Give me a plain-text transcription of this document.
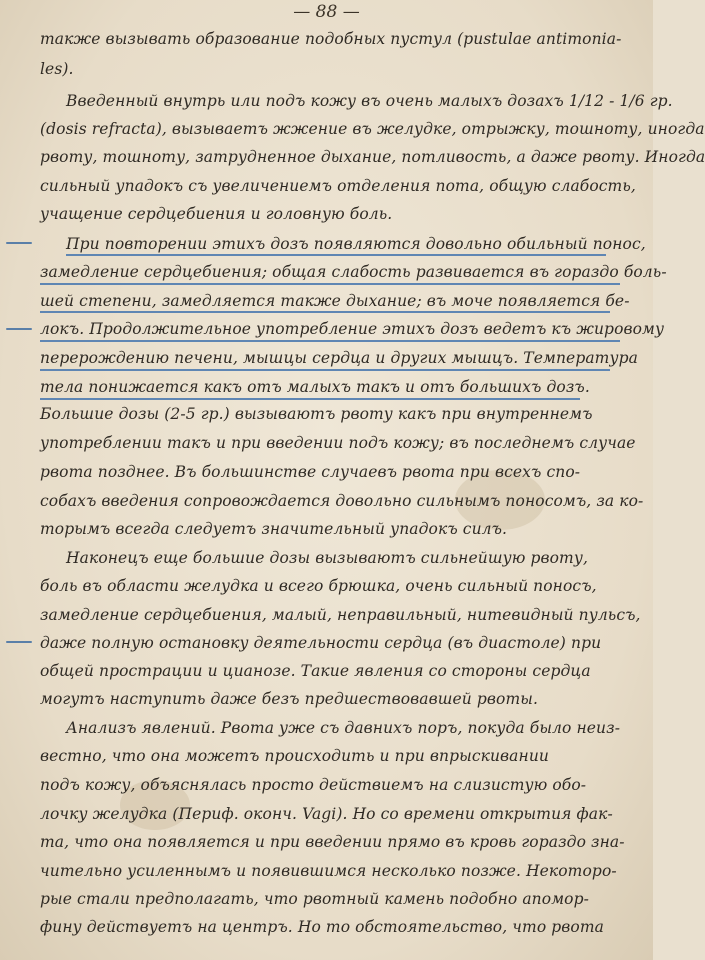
— 88 —
также вызывать образование подобных пустул (pustulae antimonia-
les).
Введенный внутрь или подъ кожу въ очень малыхъ дозахъ 1/12 - 1/6 гр.
(dosis refracta), вызываетъ жжение въ желудке, отрыжку, тошноту, иногда
рвоту, тошноту, затрудненное дыхание, потливость, а даже рвоту. Иногда
сильный упадокъ съ увеличениемъ отделения пота, общую слабость,
учащение сердцебиения и головную боль.
При повторении этихъ дозъ появляются довольно обильный понос,
замедление сердцебиения; общая слабость развивается въ гораздо боль-
шей степени, замедляется также дыхание; въ моче появляется бе-
локъ. Продолжительное употребление этихъ дозъ ведетъ къ жировому
перерождению печени, мышцы сердца и других мышцъ. Температура
тела понижается какъ отъ малыхъ такъ и отъ большихъ дозъ.
Большие дозы (2-5 гр.) вызываютъ рвоту какъ при внутреннемъ
употреблении такъ и при введении подъ кожу; въ последнемъ случае
рвота позднее. Въ большинстве случаевъ рвота при всехъ спо-
собахъ введения сопровождается довольно сильнымъ поносомъ, за ко-
торымъ всегда следуетъ значительный упадокъ силъ.
Наконецъ еще большие дозы вызываютъ сильнейшую рвоту,
боль въ области желудка и всего брюшка, очень сильный поносъ,
замедление сердцебиения, малый, неправильный, нитевидный пульсъ,
даже полную остановку деятельности сердца (въ диастоле) при
общей прострации и цианозе. Такие явления со стороны сердца
могутъ наступить даже безъ предшествовавшей рвоты.
Анализъ явлений. Рвота уже съ давнихъ поръ, покуда было неиз-
вестно, что она можетъ происходить и при впрыскивании
подъ кожу, объяснялась просто действиемъ на слизистую обо-
лочку желудка (Периф. оконч. Vagi). Но со времени открытия фак-
та, что она появляется и при введении прямо въ кровь гораздо зна-
чительно усиленнымъ и появившимся несколько позже. Некоторо-
рые стали предполагать, что рвотный камень подобно апомор-
фину действуетъ на центръ. Но то обстоятельство, что рвота
